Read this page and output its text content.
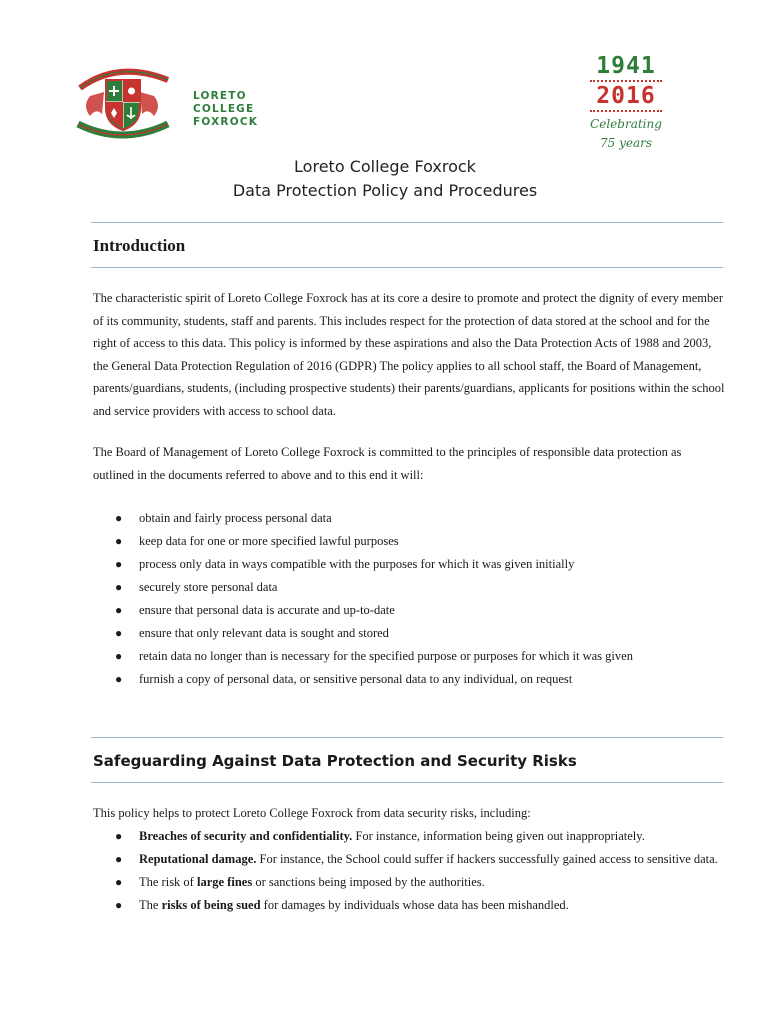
LORETO COLLEGE
FOXROCK
1941
2016
Celebrating
75 years
Loreto College Foxrock
Data Protection Policy and Procedures
Introduction

The characteristic spirit of Loreto College Foxrock has at its core a desire to promote and protect the dignity of every member of its community, students, staff and parents. This includes respect for the protection of data stored at the school and for the right of access to this data. This policy is informed by these aspirations and also the Data Protection Acts of 1988 and 2003, the General Data Protection Regulation of 2016 (GDPR) The policy applies to all school staff, the Board of Management, parents/guardians, students, (including prospective students) their parents/guardians, applicants for positions within the school and service providers with access to school data.

The Board of Management of Loreto College Foxrock is committed to the principles of responsible data protection as outlined in the documents referred to above and to this end it will:

● obtain and fairly process personal data
● keep data for one or more specified lawful purposes
● process only data in ways compatible with the purposes for which it was given initially
● securely store personal data
● ensure that personal data is accurate and up-to-date
● ensure that only relevant data is sought and stored
● retain data no longer than is necessary for the specified purpose or purposes for which it was given
● furnish a copy of personal data, or sensitive personal data to any individual, on request
Safeguarding Against Data Protection and Security Risks

This policy helps to protect Loreto College Foxrock from data security risks, including:

● Breaches of security and confidentiality. For instance, information being given out inappropriately.
● Reputational damage. For instance, the School could suffer if hackers successfully gained access to sensitive data.
● The risk of large fines or sanctions being imposed by the authorities.
● The risks of being sued for damages by individuals whose data has been mishandled.
